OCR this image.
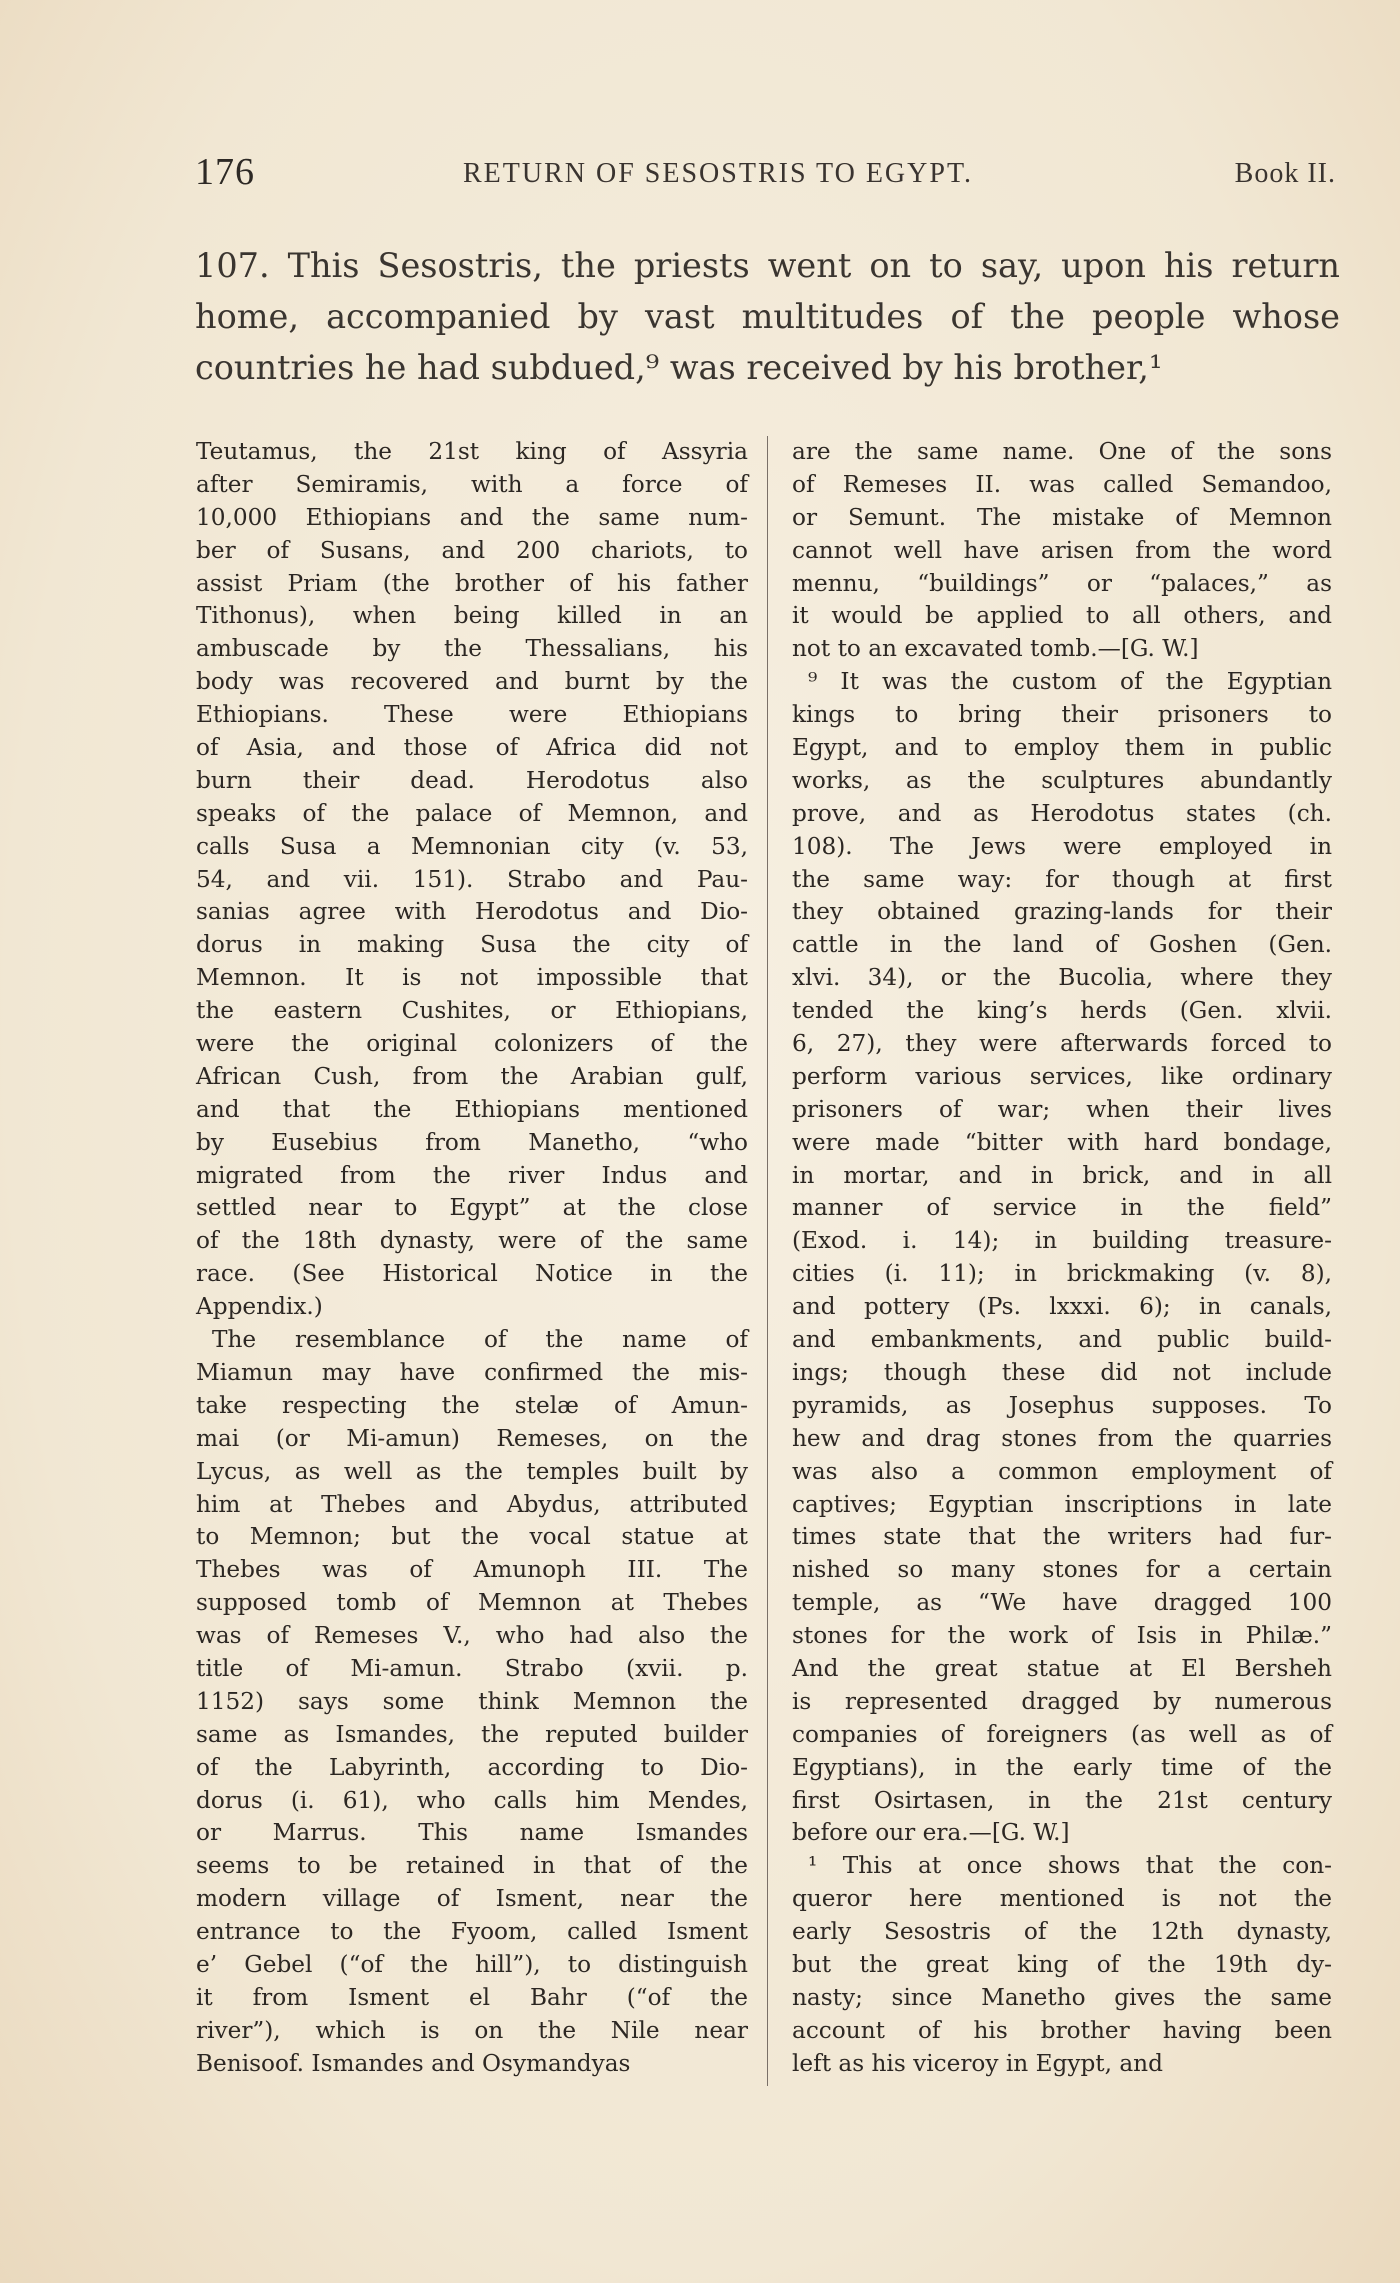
176	RETURN OF SESOSTRIS TO EGYPT.	Book II.
107. This Sesostris, the priests went on to say, upon his return home, accompanied by vast multitudes of the people whose countries he had subdued,⁹ was received by his brother,¹
Teutamus, the 21st king of Assyria
after Semiramis, with a force of
10,000 Ethiopians and the same num-
ber of Susans, and 200 chariots, to
assist Priam (the brother of his father
Tithonus), when being killed in an
ambuscade by the Thessalians, his
body was recovered and burnt by the
Ethiopians. These were Ethiopians
of Asia, and those of Africa did not
burn their dead. Herodotus also
speaks of the palace of Memnon, and
calls Susa a Memnonian city (v. 53,
54, and vii. 151). Strabo and Pau-
sanias agree with Herodotus and Dio-
dorus in making Susa the city of
Memnon. It is not impossible that
the eastern Cushites, or Ethiopians,
were the original colonizers of the
African Cush, from the Arabian gulf,
and that the Ethiopians mentioned
by Eusebius from Manetho, “who
migrated from the river Indus and
settled near to Egypt” at the close
of the 18th dynasty, were of the same
race. (See Historical Notice in the
Appendix.)
The resemblance of the name of
Miamun may have confirmed the mis-
take respecting the stelæ of Amun-
mai (or Mi-amun) Remeses, on the
Lycus, as well as the temples built by
him at Thebes and Abydus, attributed
to Memnon; but the vocal statue at
Thebes was of Amunoph III. The
supposed tomb of Memnon at Thebes
was of Remeses V., who had also the
title of Mi-amun. Strabo (xvii. p.
1152) says some think Memnon the
same as Ismandes, the reputed builder
of the Labyrinth, according to Dio-
dorus (i. 61), who calls him Mendes,
or Marrus. This name Ismandes
seems to be retained in that of the
modern village of Isment, near the
entrance to the Fyoom, called Isment
e’ Gebel (“of the hill”), to distinguish
it from Isment el Bahr (“of the
river”), which is on the Nile near
Benisoof. Ismandes and Osymandyas
are the same name. One of the sons
of Remeses II. was called Semandoo,
or Semunt. The mistake of Memnon
cannot well have arisen from the word
mennu, “buildings” or “palaces,” as
it would be applied to all others, and
not to an excavated tomb.—[G. W.]
⁹ It was the custom of the Egyptian
kings to bring their prisoners to
Egypt, and to employ them in public
works, as the sculptures abundantly
prove, and as Herodotus states (ch.
108). The Jews were employed in
the same way: for though at first
they obtained grazing-lands for their
cattle in the land of Goshen (Gen.
xlvi. 34), or the Bucolia, where they
tended the king’s herds (Gen. xlvii.
6, 27), they were afterwards forced to
perform various services, like ordinary
prisoners of war; when their lives
were made “bitter with hard bondage,
in mortar, and in brick, and in all
manner of service in the field”
(Exod. i. 14); in building treasure-
cities (i. 11); in brickmaking (v. 8),
and pottery (Ps. lxxxi. 6); in canals,
and embankments, and public build-
ings; though these did not include
pyramids, as Josephus supposes. To
hew and drag stones from the quarries
was also a common employment of
captives; Egyptian inscriptions in late
times state that the writers had fur-
nished so many stones for a certain
temple, as “We have dragged 100
stones for the work of Isis in Philæ.”
And the great statue at El Bersheh
is represented dragged by numerous
companies of foreigners (as well as of
Egyptians), in the early time of the
first Osirtasen, in the 21st century
before our era.—[G. W.]
¹ This at once shows that the con-
queror here mentioned is not the
early Sesostris of the 12th dynasty,
but the great king of the 19th dy-
nasty; since Manetho gives the same
account of his brother having been
left as his viceroy in Egypt, and
